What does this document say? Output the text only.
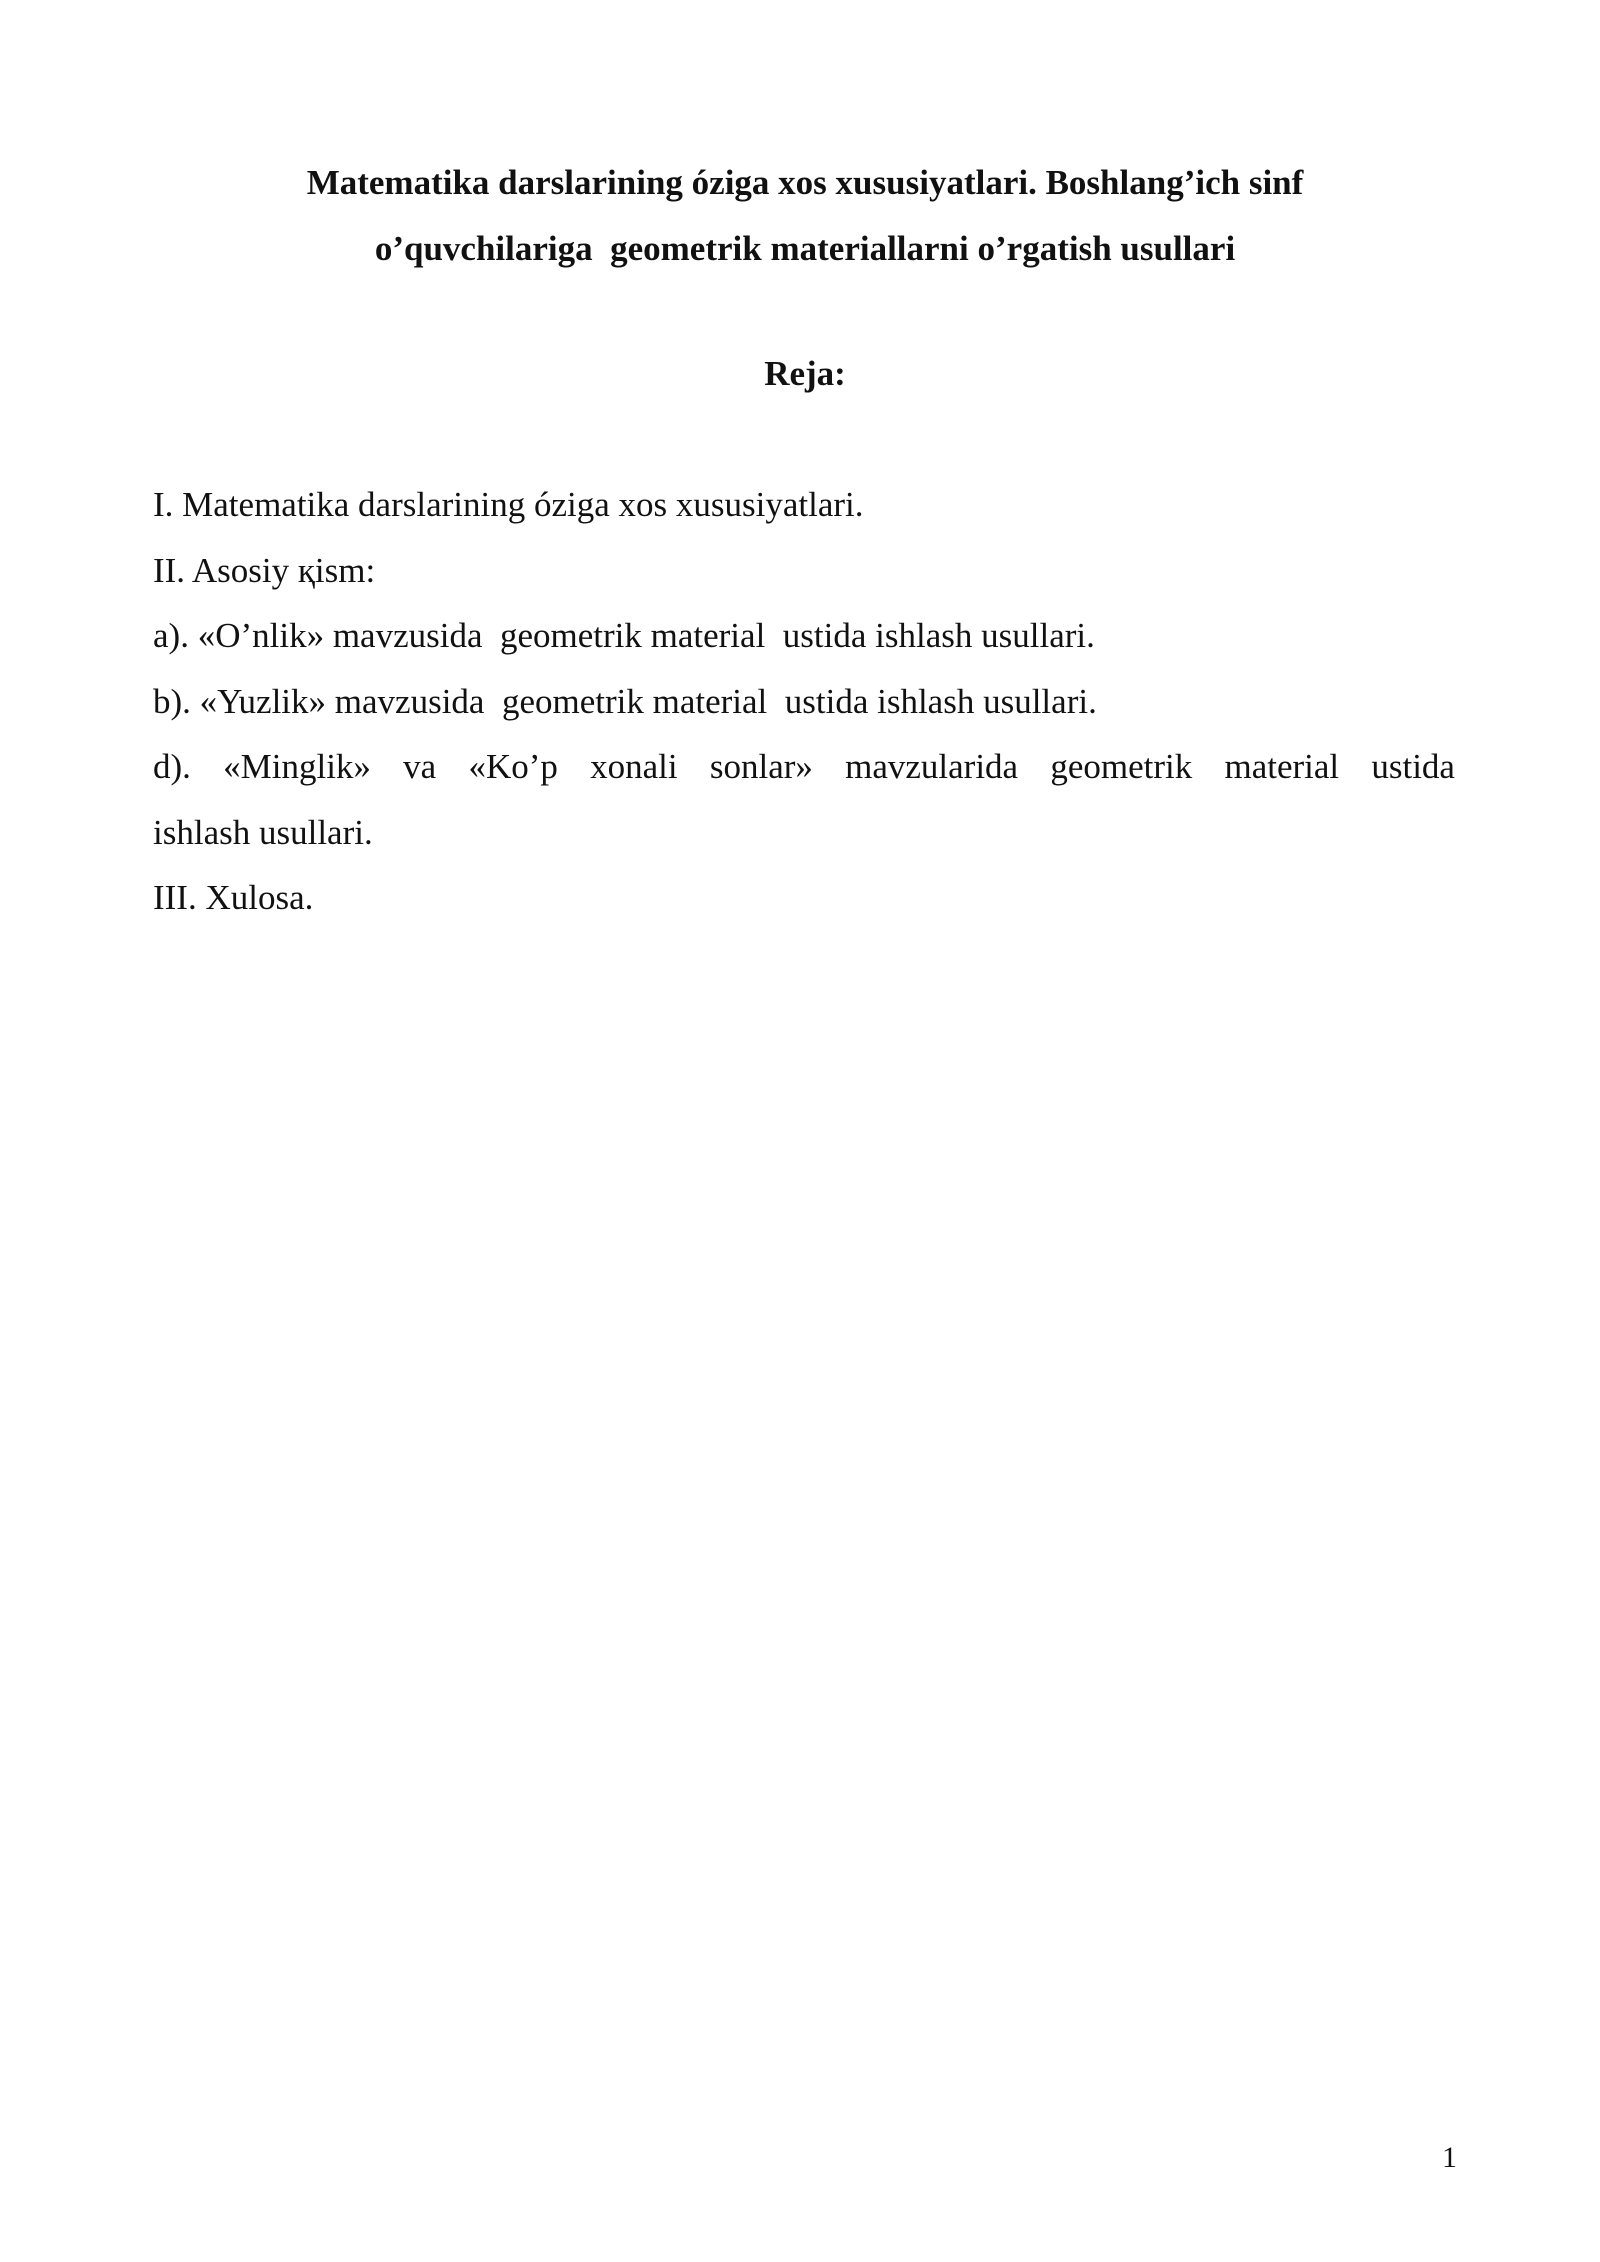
Matematika darslarining óziga xos xususiyatlari. Boshlang’ich sinf
o’quvchilariga  geometrik materiallarni o’rgatish usullari
Reja:
I. Matematika darslarining óziga xos xususiyatlari.
II. Asosiy қism:
a). «O’nlik» mavzusida  geometrik material  ustida ishlash usullari.
b). «Yuzlik» mavzusida  geometrik material  ustida ishlash usullari.
d). «Minglik» va «Ko’p xonali sonlar» mavzularida geometrik material ustida
ishlash usullari.
III. Xulosa.
1
